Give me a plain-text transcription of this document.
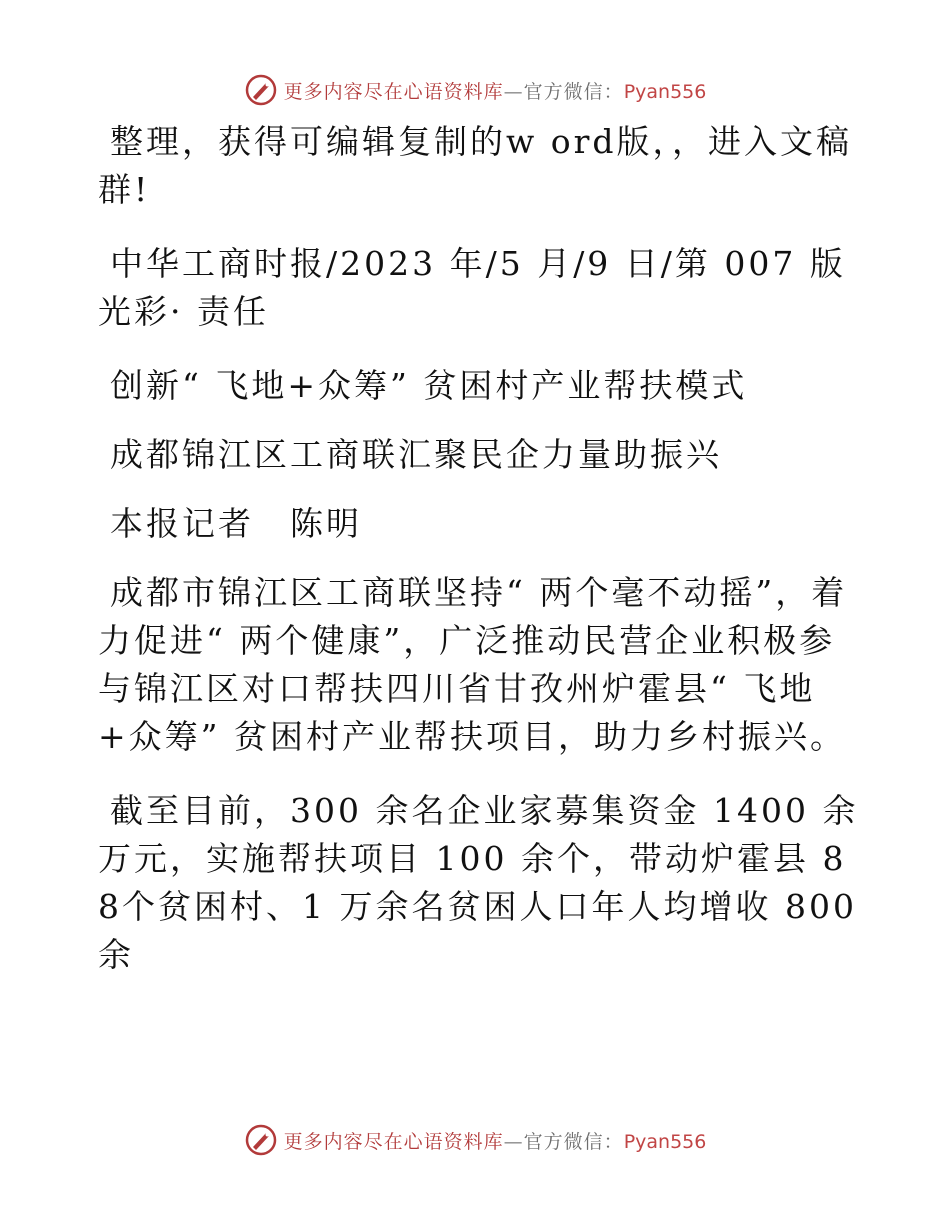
更多内容尽在心语资料库—官方微信：Pyan556

整理，获得可编辑复制的w ord版，，进入文稿群!

中华工商时报/2023 年/5 月/9 日/第 007 版光彩· 责任

创新“ 飞地+众筹” 贫困村产业帮扶模式

成都锦江区工商联汇聚民企力量助振兴

本报记者　陈明

成都市锦江区工商联坚持“ 两个毫不动摇”，着力促进“ 两个健康”，广泛推动民营企业积极参与锦江区对口帮扶四川省甘孜州炉霍县“ 飞地+众筹” 贫困村产业帮扶项目，助力乡村振兴。

截至目前，300 余名企业家募集资金 1400 余万元，实施帮扶项目 100 余个，带动炉霍县 88个贫困村、1 万余名贫困人口年人均增收 800 余

更多内容尽在心语资料库—官方微信：Pyan556
